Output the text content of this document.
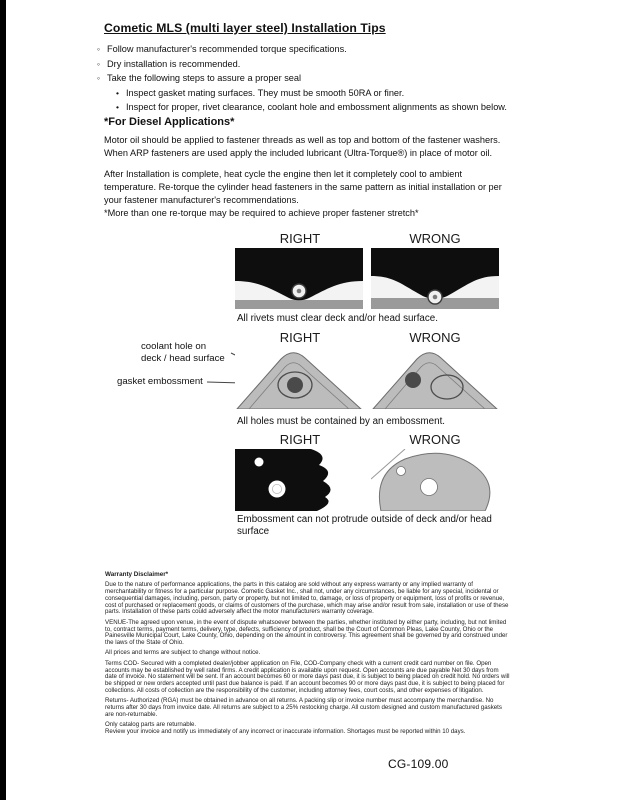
Cometic MLS (multi layer steel) Installation Tips
◦ Follow manufacturer's recommended torque specifications.
◦ Dry installation is recommended.
◦ Take the following steps to assure a proper seal
• Inspect gasket mating surfaces. They must be smooth 50RA or finer.
• Inspect for proper, rivet clearance, coolant hole and embossment alignments as shown below.
*For Diesel Applications*

Motor oil should be applied to fastener threads as well as top and bottom of the fastener washers. When ARP fasteners are used apply the included lubricant (Ultra-Torque®) in place of motor oil.

After Installation is complete, heat cycle the engine then let it completely cool to ambient temperature. Re-torque the cylinder head fasteners in the same pattern as initial installation or per your fastener manufacturer's recommendations.

*More than one re-torque may be required to achieve proper fastener stretch*

RIGHT	WRONG
All rivets must clear deck and/or head surface.
RIGHT	WRONG
coolant hole on
deck / head surface
gasket embossment
All holes must be contained by an embossment.
RIGHT	WRONG
Embossment can not protrude outside of deck and/or head surface
Warranty Disclaimer*

Due to the nature of performance applications, the parts in this catalog are sold without any express warranty or any implied warranty of merchantability or fitness for a particular purpose. Cometic Gasket Inc., shall not, under any circumstances, be liable for any special, incidental or consequential damages, including, person, party or property, but not limited to, damage, or loss of property or equipment, loss of profits or revenue, cost of purchased or replacement goods, or claims of customers of the purchase, which may arise and/or result from sale, installation or use of these parts. Installation of these parts could adversely affect the motor manufacturers warranty coverage.

VENUE-The agreed upon venue, in the event of dispute whatsoever between the parties, whether instituted by either party, including, but not limited to, contract terms, payment terms, delivery, type, defects, sufficiency of product, shall be the Court of Common Pleas, Lake County, Ohio or the Painesville Municipal Court, Lake County, Ohio, depending on the amount in controversy. This agreement shall be governed by and construed under the laws of the State of Ohio.

All prices and terms are subject to change without notice.

Terms COD- Secured with a completed dealer/jobber application on File, COD-Company check with a current credit card number on file. Open accounts may be established by well rated firms. A credit application is available upon request. Open accounts are due payable Net 30 days from date of invoice. No statement will be sent. If an account becomes 60 or more days past due, it is subject to being placed on credit hold. No orders will be shipped or new orders accepted until past due balance is paid. If an account becomes 90 or more days past due, it is subject to being placed for collections. All costs of collection are the responsibility of the customer, including attorney fees, court costs, and other expenses of litigation.

Returns- Authorized (RGA) must be obtained in advance on all returns. A packing slip or invoice number must accompany the merchandise. No returns after 30 days from invoice date. All returns are subject to a 25% restocking charge. All custom designed and custom manufactured gaskets are non-returnable.

Only catalog parts are returnable.

Review your invoice and notify us immediately of any incorrect or inaccurate information. Shortages must be reported within 10 days.

CG-109.00
